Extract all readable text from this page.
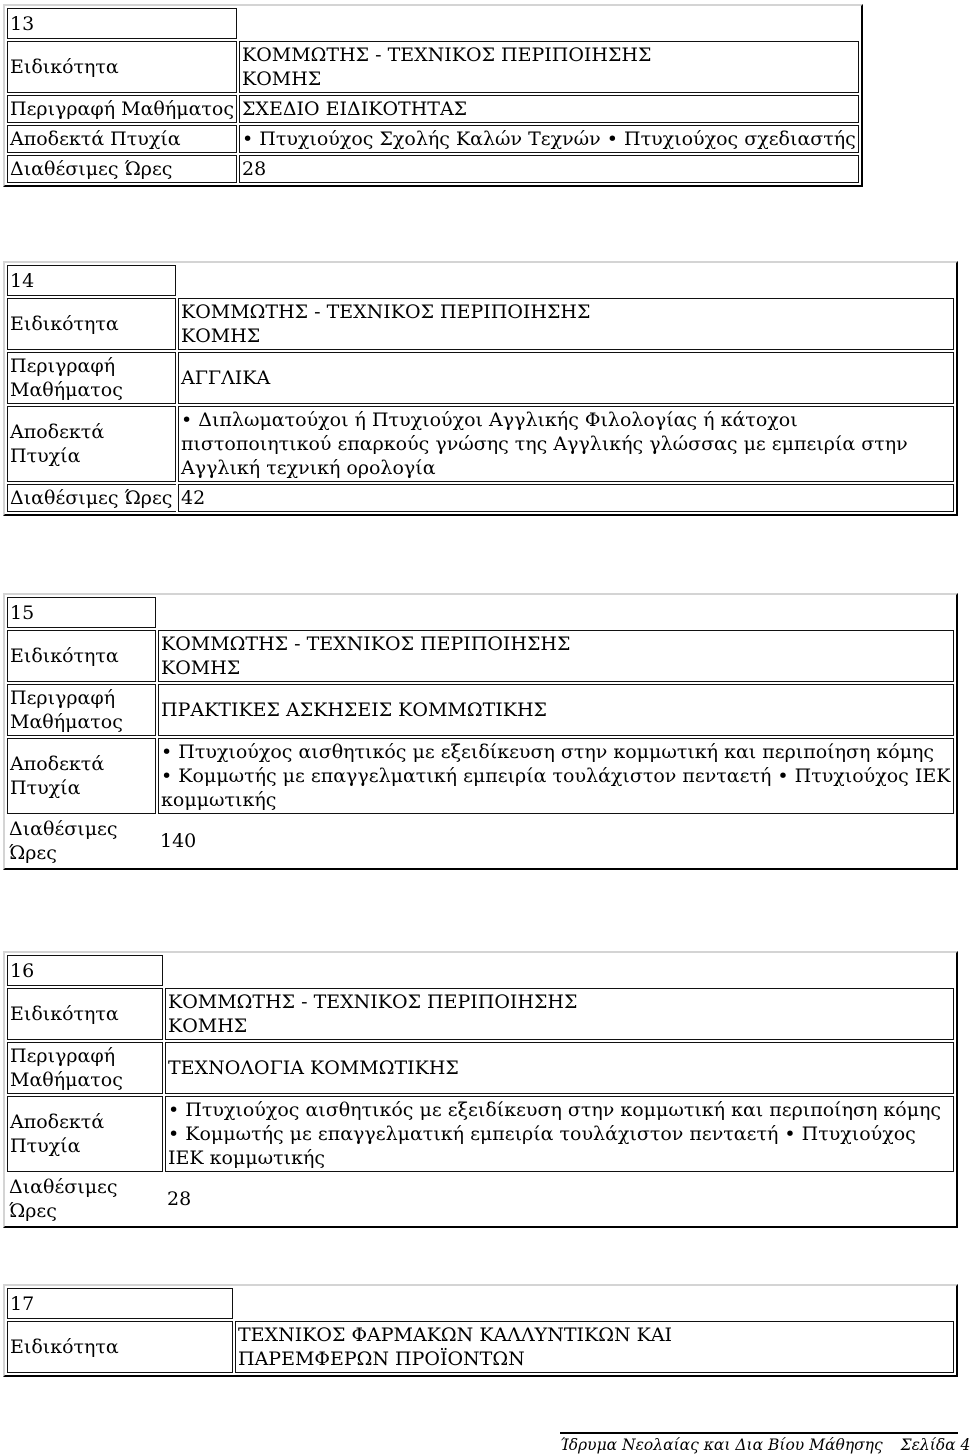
13	
Ειδικότητα	ΚΟΜΜΩΤΗΣ - ΤΕΧΝΙΚΟΣ ΠΕΡΙΠΟΙΗΣΗΣ ΚΟΜΗΣ

Περιγραφή Μαθήματος	ΣΧΕΔΙΟ ΕΙΔΙΚΟΤΗΤΑΣ
Αποδεκτά Πτυχία	• Πτυχιούχος Σχολής Καλών Τεχνών • Πτυχιούχος σχεδιαστής
Διαθέσιμες Ώρες	28
14	
Ειδικότητα	ΚΟΜΜΩΤΗΣ - ΤΕΧΝΙΚΟΣ ΠΕΡΙΠΟΙΗΣΗΣ ΚΟΜΗΣ

Περιγραφή Μαθήματος	ΑΓΓΛΙΚΑ
Αποδεκτά Πτυχία	• Διπλωματούχοι ή Πτυχιούχοι Αγγλικής Φιλολογίας ή κάτοχοι πιστοποιητικού επαρκούς γνώσης της Αγγλικής γλώσσας με εμπειρία στην Αγγλική τεχνική ορολογία
Διαθέσιμες Ώρες	42
15	
Ειδικότητα	ΚΟΜΜΩΤΗΣ - ΤΕΧΝΙΚΟΣ ΠΕΡΙΠΟΙΗΣΗΣ ΚΟΜΗΣ

Περιγραφή Μαθήματος	ΠΡΑΚΤΙΚΕΣ ΑΣΚΗΣΕΙΣ ΚΟΜΜΩΤΙΚΗΣ
Αποδεκτά Πτυχία	• Πτυχιούχος αισθητικός με εξειδίκευση στην κομμωτική και περιποίηση κόμης • Κομμωτής με επαγγελματική εμπειρία τουλάχιστον πενταετή • Πτυχιούχος ΙΕΚ κομμωτικής
Διαθέσιμες Ώρες	140
16	
Ειδικότητα	ΚΟΜΜΩΤΗΣ - ΤΕΧΝΙΚΟΣ ΠΕΡΙΠΟΙΗΣΗΣ ΚΟΜΗΣ

Περιγραφή Μαθήματος	ΤΕΧΝΟΛΟΓΙΑ ΚΟΜΜΩΤΙΚΗΣ
Αποδεκτά Πτυχία	• Πτυχιούχος αισθητικός με εξειδίκευση στην κομμωτική και περιποίηση κόμης • Κομμωτής με επαγγελματική εμπειρία τουλάχιστον πενταετή • Πτυχιούχος ΙΕΚ κομμωτικής
Διαθέσιμες Ώρες	28
17	
Ειδικότητα	ΤΕΧΝΙΚΟΣ ΦΑΡΜΑΚΩΝ ΚΑΛΛΥΝΤΙΚΩΝ ΚΑΙ ΠΑΡΕΜΦΕΡΩΝ ΠΡΟΪΟΝΤΩΝ
Ίδρυμα Νεολαίας και Δια Βίου Μάθησης Σελίδα 4
